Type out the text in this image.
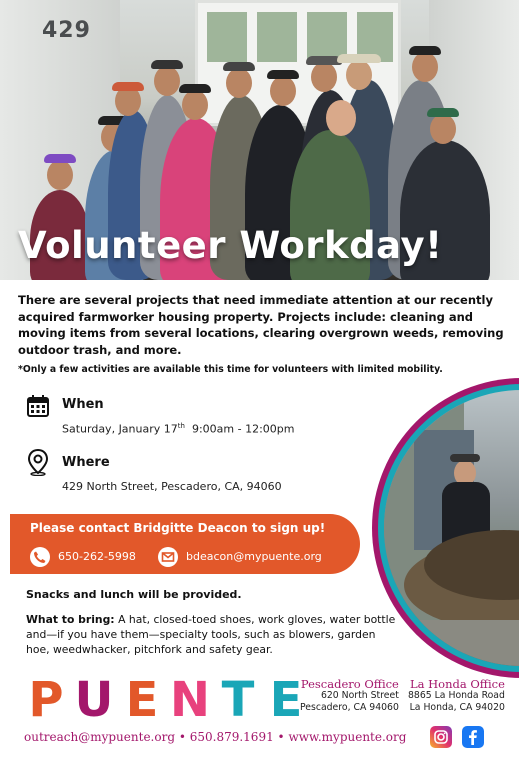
429
Volunteer Workday!
There are several projects that need immediate attention at our recently acquired farmworker housing property. Projects include: cleaning and moving items from several locations, clearing overgrown weeds, removing outdoor trash, and more.
*Only a few activities are available this time for volunteers with limited mobility.
When
Saturday, January 17th 9:00am - 12:00pm
Where
429 North Street, Pescadero, CA, 94060
Please contact Bridgitte Deacon to sign up!
650-262-5998	bdeacon@mypuente.org
Snacks and lunch will be provided.
What to bring: A hat, closed-toed shoes, work gloves, water bottle and—if you have them—specialty tools, such as blowers, garden hoe, weedwhacker, pitchfork and safety gear.
P U E N T E
Pescadero Office
620 North Street
Pescadero, CA 94060
La Honda Office
8865 La Honda Road
La Honda, CA 94020
outreach@mypuente.org • 650.879.1691 • www.mypuente.org
